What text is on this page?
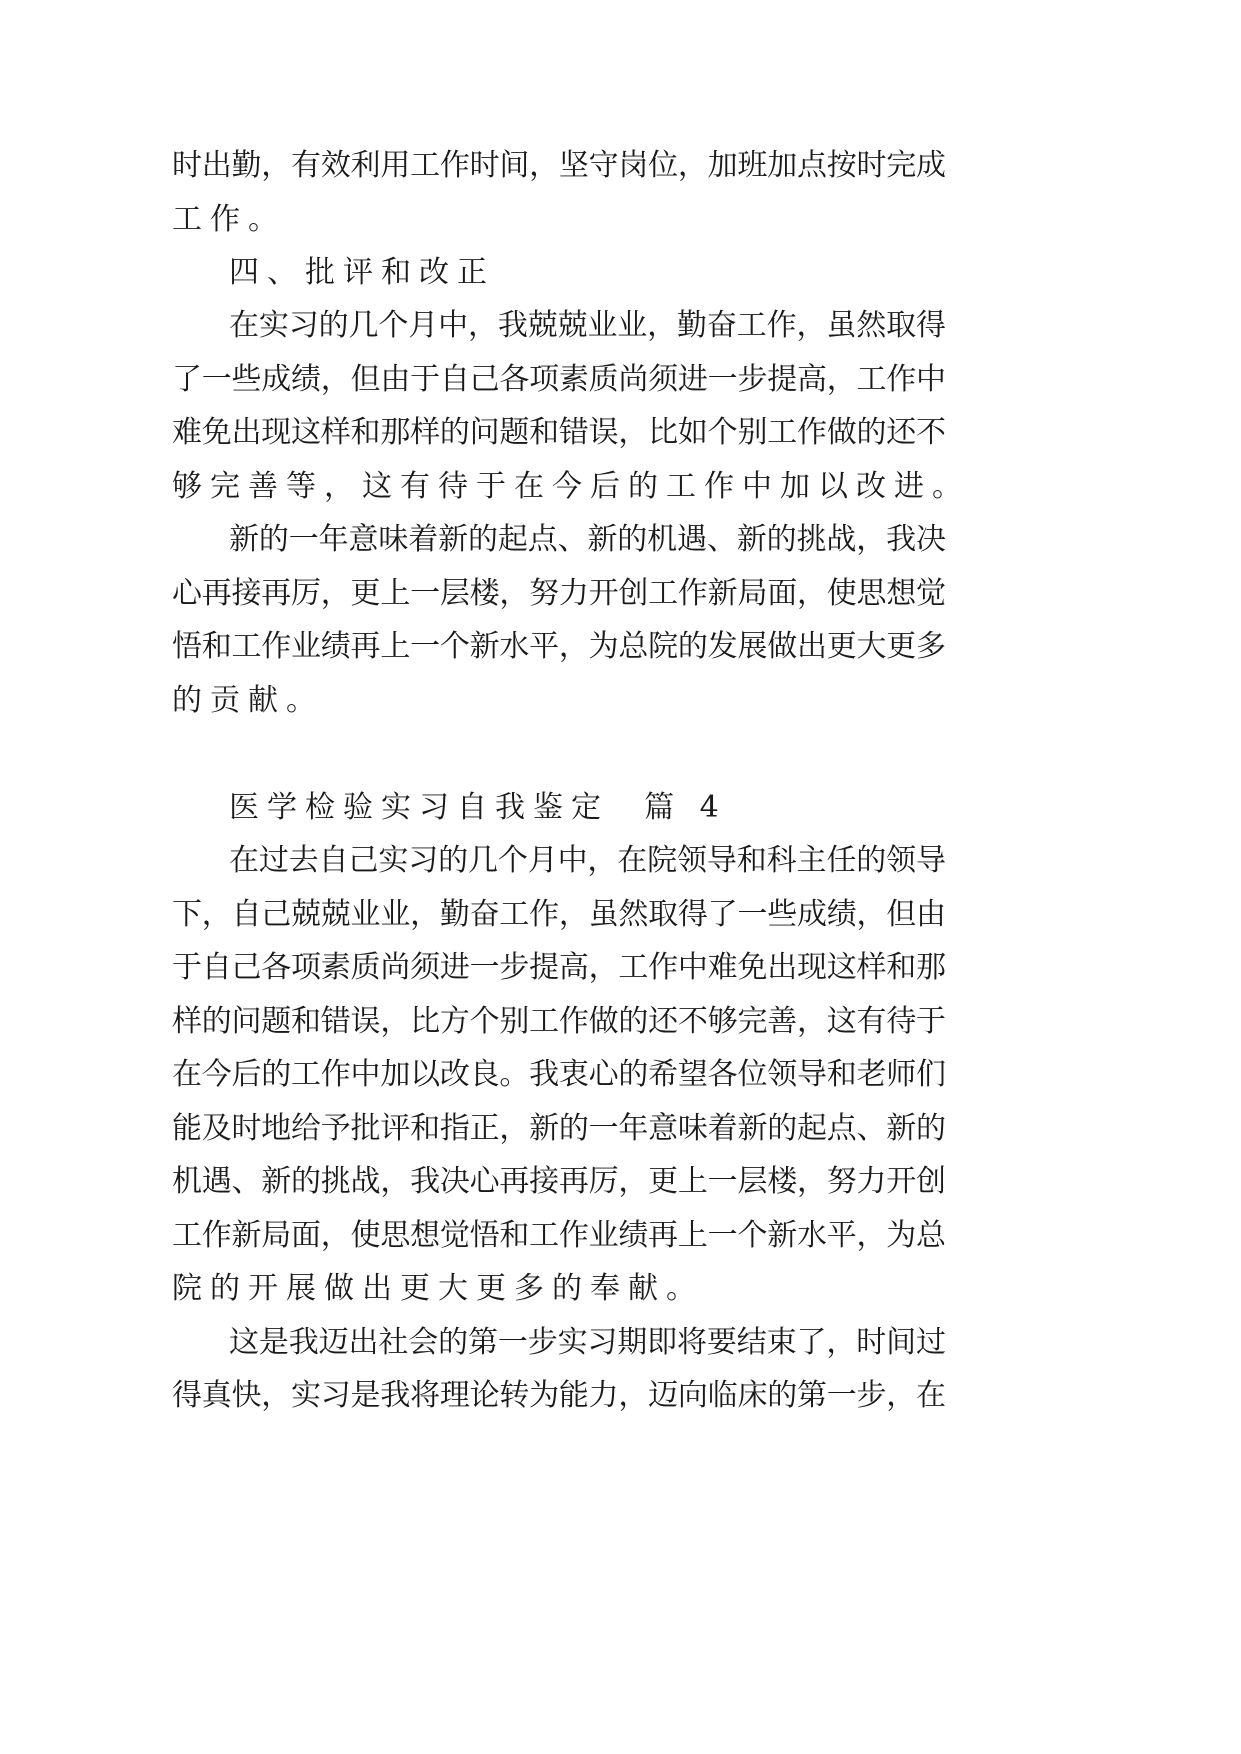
时出勤，有效利用工作时间，坚守岗位，加班加点按时完成
工作。
四、批评和改正
在实习的几个月中，我兢兢业业，勤奋工作，虽然取得
了一些成绩，但由于自己各项素质尚须进一步提高，工作中
难免出现这样和那样的问题和错误，比如个别工作做的还不
够完善等，这有待于在今后的工作中加以改进。
新的一年意味着新的起点、新的机遇、新的挑战，我决
心再接再厉，更上一层楼，努力开创工作新局面，使思想觉
悟和工作业绩再上一个新水平，为总院的发展做出更大更多
的贡献。
医学检验实习自我鉴定  篇 4
在过去自己实习的几个月中，在院领导和科主任的领导
下，自己兢兢业业，勤奋工作，虽然取得了一些成绩，但由
于自己各项素质尚须进一步提高，工作中难免出现这样和那
样的问题和错误，比方个别工作做的还不够完善，这有待于
在今后的工作中加以改良。我衷心的希望各位领导和老师们
能及时地给予批评和指正，新的一年意味着新的起点、新的
机遇、新的挑战，我决心再接再厉，更上一层楼，努力开创
工作新局面，使思想觉悟和工作业绩再上一个新水平，为总
院的开展做出更大更多的奉献。
这是我迈出社会的第一步实习期即将要结束了，时间过
得真快，实习是我将理论转为能力，迈向临床的第一步，在
